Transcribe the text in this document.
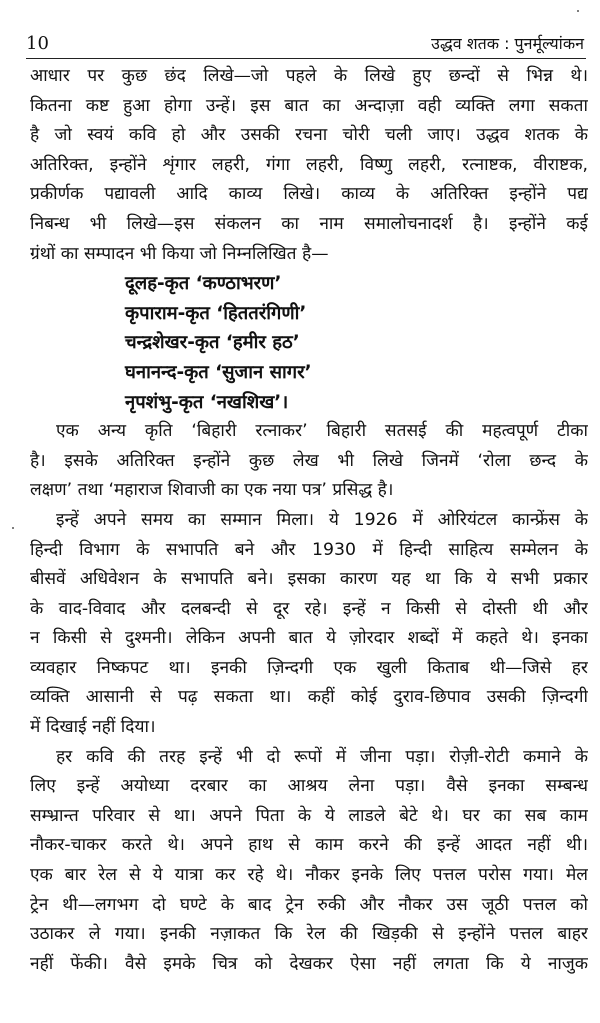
10	उद्धव शतक : पुनर्मूल्यांकन
आधार पर कुछ छंद लिखे—जो पहले के लिखे हुए छन्दों से भिन्न थे।
कितना कष्ट हुआ होगा उन्हें। इस बात का अन्दाज़ा वही व्यक्ति लगा सकता
है जो स्वयं कवि हो और उसकी रचना चोरी चली जाए। उद्धव शतक के
अतिरिक्त, इन्होंने शृंगार लहरी, गंगा लहरी, विष्णु लहरी, रत्नाष्टक, वीराष्टक,
प्रकीर्णक पद्यावली आदि काव्य लिखे। काव्य के अतिरिक्त इन्होंने पद्य
निबन्ध भी लिखे—इस संकलन का नाम समालोचनादर्श है। इन्होंने कई
ग्रंथों का सम्पादन भी किया जो निम्नलिखित है—
दूलह-कृत ‘कण्ठाभरण’
कृपाराम-कृत ‘हिततरंगिणी’
चन्द्रशेखर-कृत ‘हमीर हठ’
घनानन्द-कृत ‘सुजान सागर’
नृपशंभु-कृत ‘नखशिख’।
एक अन्य कृति ‘बिहारी रत्नाकर’ बिहारी सतसई की महत्वपूर्ण टीका
है। इसके अतिरिक्त इन्होंने कुछ लेख भी लिखे जिनमें ‘रोला छन्द के
लक्षण’ तथा ‘महाराज शिवाजी का एक नया पत्र’ प्रसिद्ध है।
इन्हें अपने समय का सम्मान मिला। ये 1926 में ओरियंटल कान्फ्रेंस के
हिन्दी विभाग के सभापति बने और 1930 में हिन्दी साहित्य सम्मेलन के
बीसवें अधिवेशन के सभापति बने। इसका कारण यह था कि ये सभी प्रकार
के वाद-विवाद और दलबन्दी से दूर रहे। इन्हें न किसी से दोस्ती थी और
न किसी से दुश्मनी। लेकिन अपनी बात ये ज़ोरदार शब्दों में कहते थे। इनका
व्यवहार निष्कपट था। इनकी ज़िन्दगी एक खुली किताब थी—जिसे हर
व्यक्ति आसानी से पढ़ सकता था। कहीं कोई दुराव-छिपाव उसकी ज़िन्दगी
में दिखाई नहीं दिया।
हर कवि की तरह इन्हें भी दो रूपों में जीना पड़ा। रोज़ी-रोटी कमाने के
लिए इन्हें अयोध्या दरबार का आश्रय लेना पड़ा। वैसे इनका सम्बन्ध
सम्भ्रान्त परिवार से था। अपने पिता के ये लाडले बेटे थे। घर का सब काम
नौकर-चाकर करते थे। अपने हाथ से काम करने की इन्हें आदत नहीं थी।
एक बार रेल से ये यात्रा कर रहे थे। नौकर इनके लिए पत्तल परोस गया। मेल
ट्रेन थी—लगभग दो घण्टे के बाद ट्रेन रुकी और नौकर उस जूठी पत्तल को
उठाकर ले गया। इनकी नज़ाकत कि रेल की खिड़की से इन्होंने पत्तल बाहर
नहीं फेंकी। वैसे इमके चित्र को देखकर ऐसा नहीं लगता कि ये नाजुक
